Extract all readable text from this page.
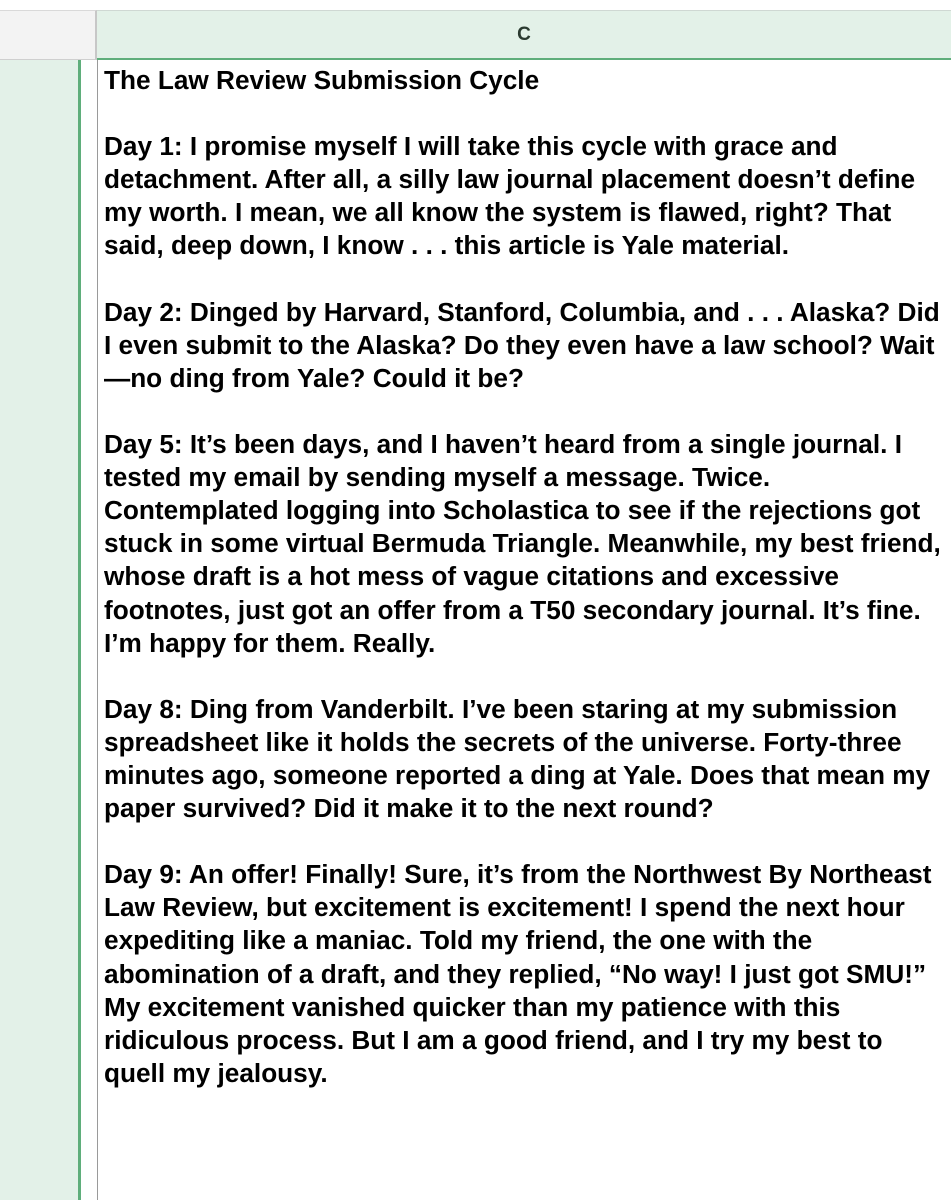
C

The Law Review Submission Cycle

Day 1: I promise myself I will take this cycle with grace and detachment. After all, a silly law journal placement doesn’t define my worth. I mean, we all know the system is flawed, right? That said, deep down, I know . . . this article is Yale material.

Day 2: Dinged by Harvard, Stanford, Columbia, and . . . Alaska? Did I even submit to the Alaska? Do they even have a law school? Wait—no ding from Yale? Could it be?

Day 5: It’s been days, and I haven’t heard from a single journal. I tested my email by sending myself a message. Twice. Contemplated logging into Scholastica to see if the rejections got stuck in some virtual Bermuda Triangle. Meanwhile, my best friend, whose draft is a hot mess of vague citations and excessive footnotes, just got an offer from a T50 secondary journal. It’s fine. I’m happy for them. Really.

Day 8: Ding from Vanderbilt. I’ve been staring at my submission spreadsheet like it holds the secrets of the universe. Forty-three minutes ago, someone reported a ding at Yale. Does that mean my paper survived? Did it make it to the next round?

Day 9: An offer! Finally! Sure, it’s from the Northwest By Northeast Law Review, but excitement is excitement! I spend the next hour expediting like a maniac. Told my friend, the one with the abomination of a draft, and they replied, “No way! I just got SMU!” My excitement vanished quicker than my patience with this ridiculous process. But I am a good friend, and I try my best to quell my jealousy.
